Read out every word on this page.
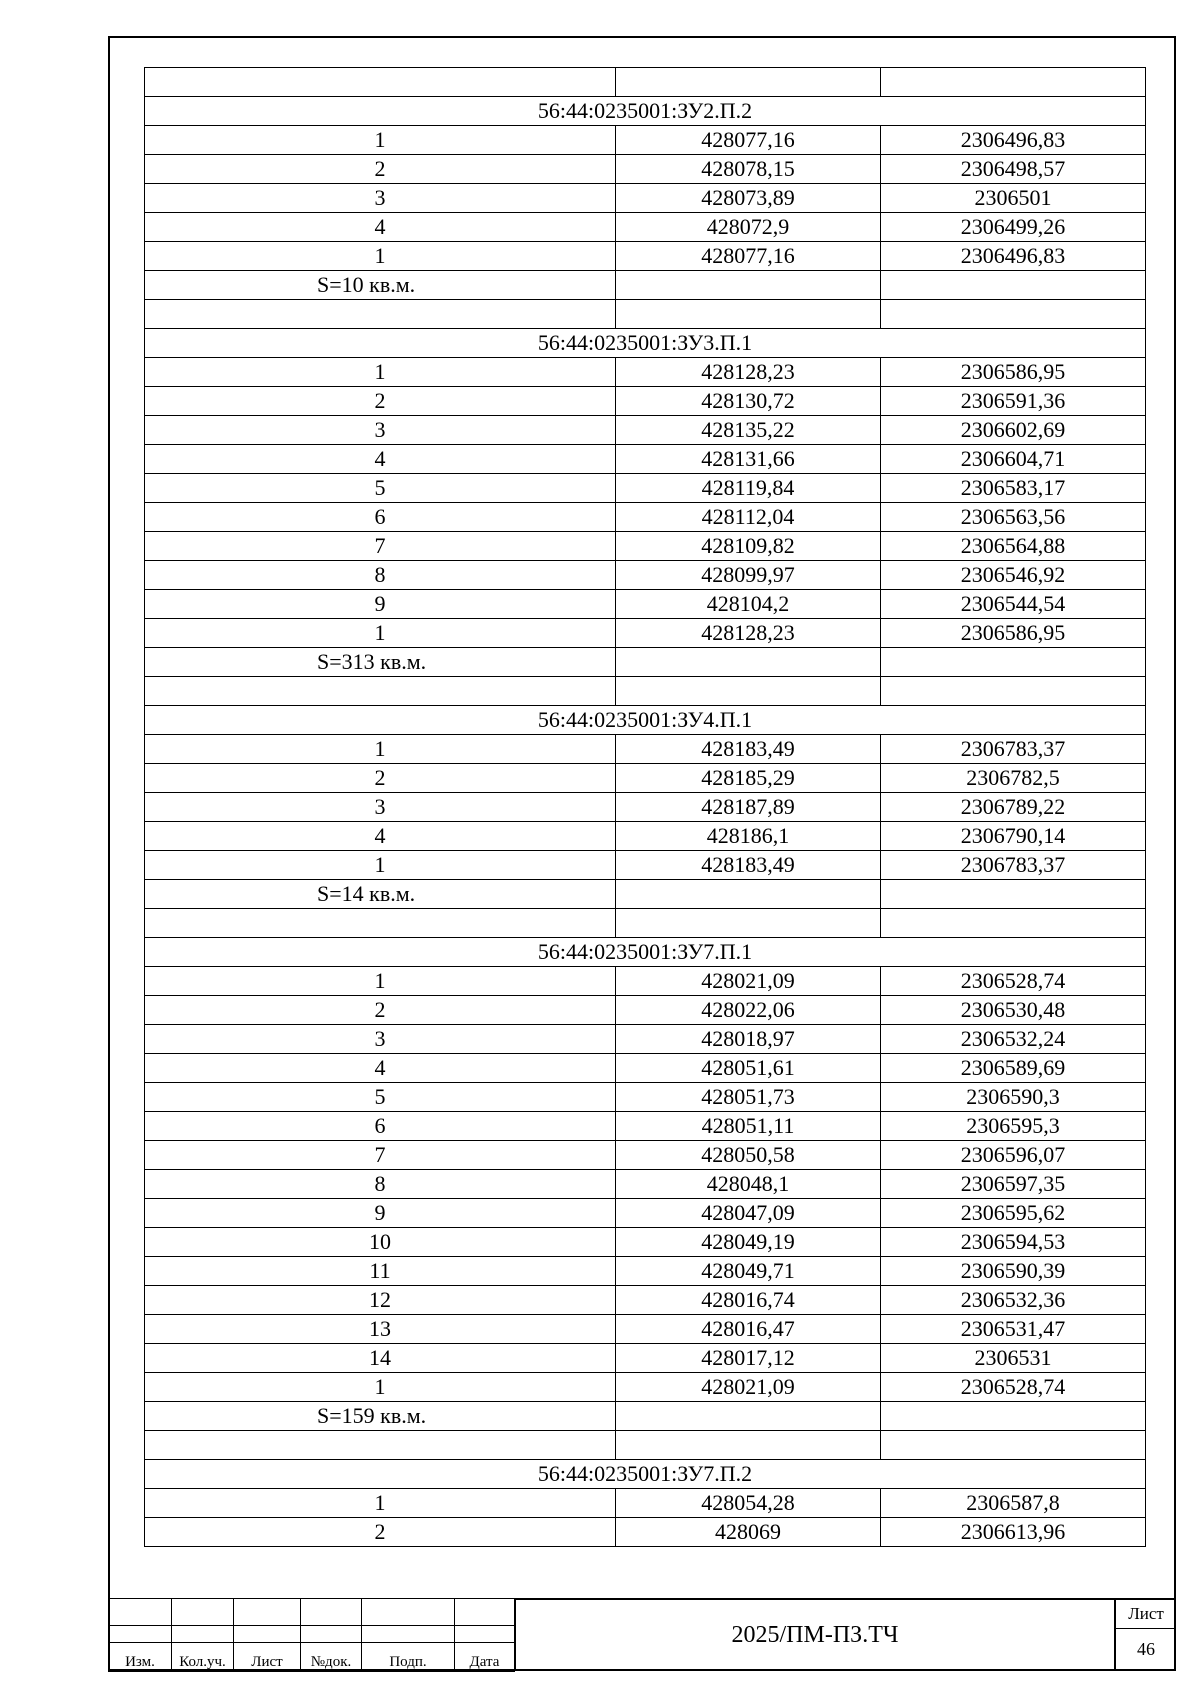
56:44:0235001:ЗУ2.П.2		
1	428077,16	2306496,83
2	428078,15	2306498,57
3	428073,89	2306501
4	428072,9	2306499,26
1	428077,16	2306496,83
S=10 кв.м.		

56:44:0235001:ЗУ3.П.1		
1	428128,23	2306586,95
2	428130,72	2306591,36
3	428135,22	2306602,69
4	428131,66	2306604,71
5	428119,84	2306583,17
6	428112,04	2306563,56
7	428109,82	2306564,88
8	428099,97	2306546,92
9	428104,2	2306544,54
1	428128,23	2306586,95
S=313 кв.м.		

56:44:0235001:ЗУ4.П.1		
1	428183,49	2306783,37
2	428185,29	2306782,5
3	428187,89	2306789,22
4	428186,1	2306790,14
1	428183,49	2306783,37
S=14 кв.м.		

56:44:0235001:ЗУ7.П.1		
1	428021,09	2306528,74
2	428022,06	2306530,48
3	428018,97	2306532,24
4	428051,61	2306589,69
5	428051,73	2306590,3
6	428051,11	2306595,3
7	428050,58	2306596,07
8	428048,1	2306597,35
9	428047,09	2306595,62
10	428049,19	2306594,53
11	428049,71	2306590,39
12	428016,74	2306532,36
13	428016,47	2306531,47
14	428017,12	2306531
1	428021,09	2306528,74
S=159 кв.м.		

56:44:0235001:ЗУ7.П.2		
1	428054,28	2306587,8
2	428069	2306613,96

Изм.	Кол.уч.	Лист	№док.	Подп.	Дата
2025/ПМ-ПЗ.ТЧ
Лист
46
